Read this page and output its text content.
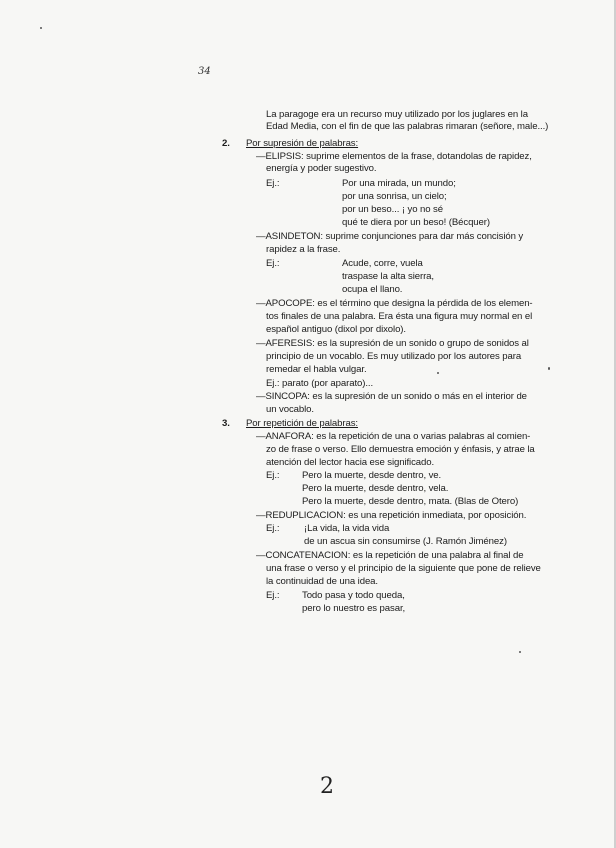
34
La paragoge era un recurso muy utilizado por los juglares en la
Edad Media, con el fin de que las palabras rimaran (señore, male...)
2. Por supresión de palabras:
—ELIPSIS: suprime elementos de la frase, dotandolas de rapidez,
energía y poder sugestivo.
Ej.:	Por una mirada, un mundo;
por una sonrisa, un cielo;
por un beso... ¡ yo no sé
qué te diera por un beso! (Bécquer)
—ASINDETON: suprime conjunciones para dar más concisión y
rapidez a la frase.
Ej.:	Acude, corre, vuela
traspase la alta sierra,
ocupa el llano.
—APOCOPE: es el término que designa la pérdida de los elemen-
tos finales de una palabra. Era ésta una figura muy normal en el
español antiguo (dixol por dixolo).
—AFERESIS: es la supresión de un sonido o grupo de sonidos al
principio de un vocablo. Es muy utilizado por los autores para
remedar el habla vulgar.
Ej.: parato (por aparato)...
—SINCOPA: es la supresión de un sonido o más en el interior de
un vocablo.
3. Por repetición de palabras:
—ANAFORA: es la repetición de una o varias palabras al comien-
zo de frase o verso. Ello demuestra emoción y énfasis, y atrae la
atención del lector hacia ese significado.
Ej.: Pero la muerte, desde dentro, ve.
Pero la muerte, desde dentro, vela.
Pero la muerte, desde dentro, mata. (Blas de Otero)
—REDUPLICACION: es una repetición inmediata, por oposición.
Ej.:	¡La vida, la vida vida
de un ascua sin consumirse (J. Ramón Jiménez)
—CONCATENACION: es la repetición de una palabra al final de
una frase o verso y el principio de la siguiente que pone de relieve
la continuidad de una idea.
Ej.: Todo pasa y todo queda,
pero lo nuestro es pasar,
2
